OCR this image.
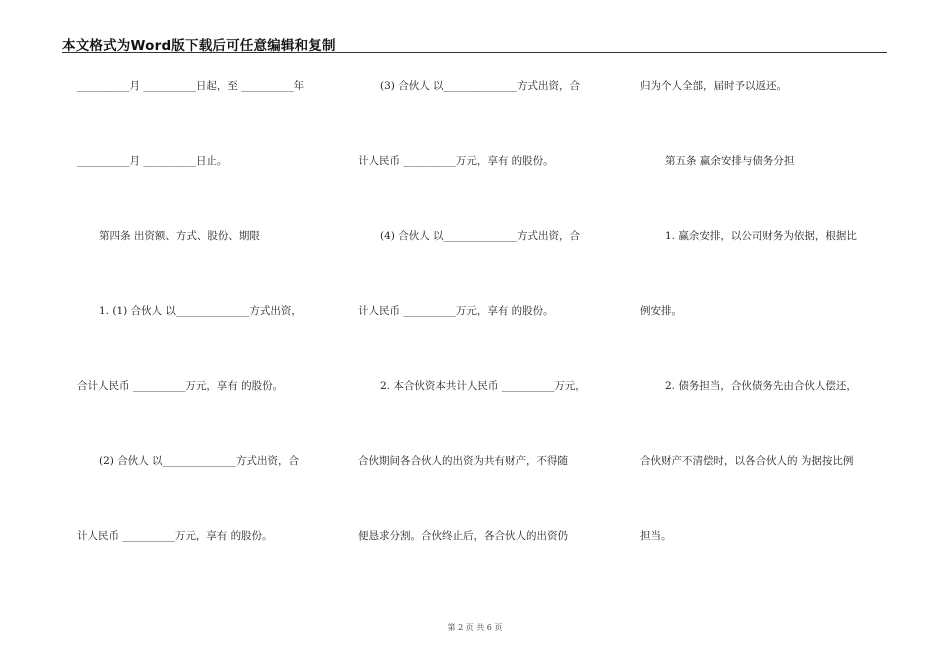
本文格式为Word版下载后可任意编辑和复制
__________月 __________日起，至 __________年
__________月 __________日止。
第四条 出资额、方式、股份、期限
1. (1) 合伙人 以______________方式出资，
合计人民币 __________万元，享有 的股份。
(2) 合伙人 以______________方式出资，合
计人民币 __________万元，享有 的股份。
(3) 合伙人 以______________方式出资，合
计人民币 __________万元，享有 的股份。
(4) 合伙人 以______________方式出资，合
计人民币 __________万元，享有 的股份。
2. 本合伙资本共计人民币 __________万元，
合伙期间各合伙人的出资为共有财产，不得随
便恳求分割。合伙终止后，各合伙人的出资仍
归为个人全部，届时予以返还。
第五条 赢余安排与债务分担
1. 赢余安排，以公司财务为依据，根据比
例安排。
2. 债务担当，合伙债务先由合伙人偿还，
合伙财产不清偿时，以各合伙人的 为据按比例
担当。
第 2 页 共 6 页
